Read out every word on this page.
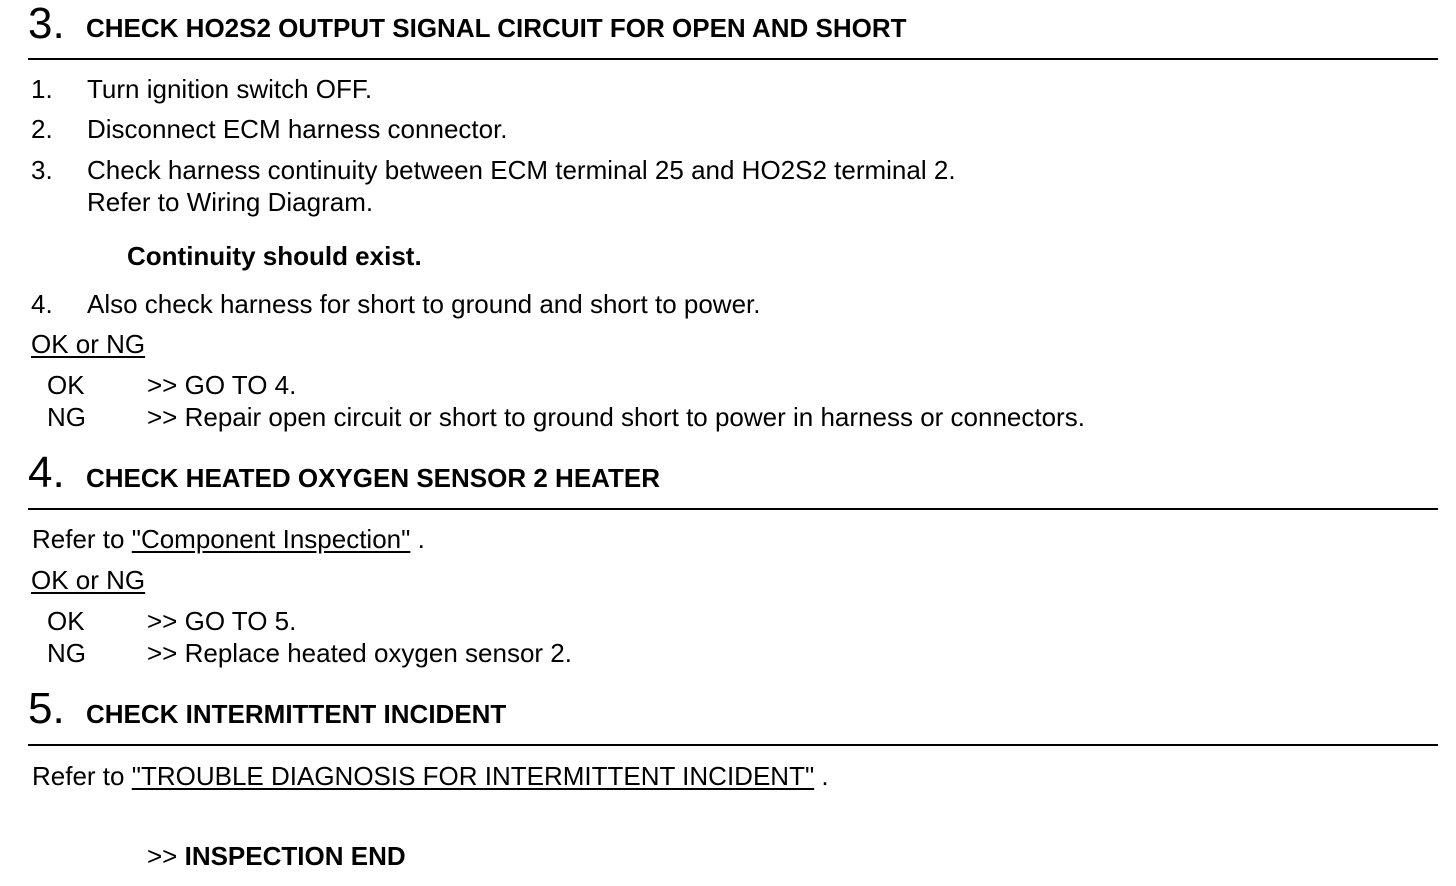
3. CHECK HO2S2 OUTPUT SIGNAL CIRCUIT FOR OPEN AND SHORT
1. Turn ignition switch OFF.
2. Disconnect ECM harness connector.
3. Check harness continuity between ECM terminal 25 and HO2S2 terminal 2.
Refer to Wiring Diagram.
Continuity should exist.
4. Also check harness for short to ground and short to power.
OK or NG
OK >> GO TO 4.
NG >> Repair open circuit or short to ground short to power in harness or connectors.
4. CHECK HEATED OXYGEN SENSOR 2 HEATER
Refer to "Component Inspection" .
OK or NG
OK >> GO TO 5.
NG >> Replace heated oxygen sensor 2.
5. CHECK INTERMITTENT INCIDENT
Refer to "TROUBLE DIAGNOSIS FOR INTERMITTENT INCIDENT" .
>> INSPECTION END
